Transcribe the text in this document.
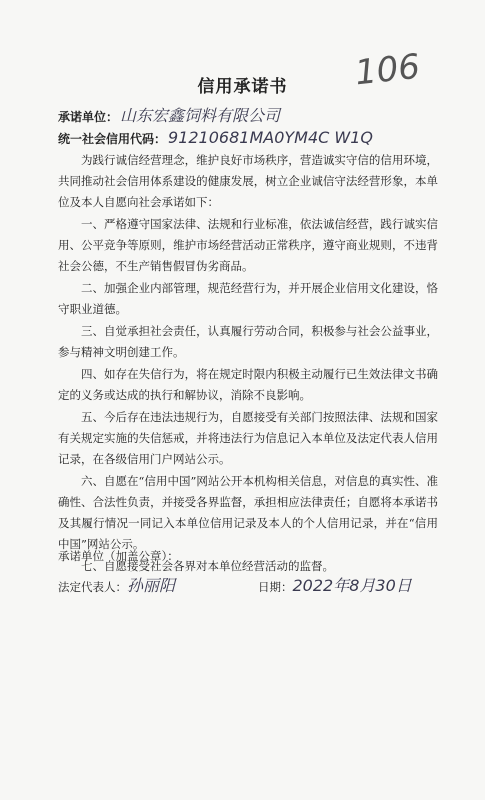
106
信用承诺书
承诺单位： 山东宏鑫饲料有限公司
统一社会信用代码： 91210681MA0YM4C W1Q

为践行诚信经营理念，维护良好市场秩序，营造诚实守信的信用环境，共同推动社会信用体系建设的健康发展，树立企业诚信守法经营形象，本单位及本人自愿向社会承诺如下：

一、严格遵守国家法律、法规和行业标准，依法诚信经营，践行诚实信用、公平竞争等原则，维护市场经营活动正常秩序，遵守商业规则，不违背社会公德，不生产销售假冒伪劣商品。

二、加强企业内部管理，规范经营行为，并开展企业信用文化建设，恪守职业道德。

三、自觉承担社会责任，认真履行劳动合同，积极参与社会公益事业，参与精神文明创建工作。

四、如存在失信行为，将在规定时限内积极主动履行已生效法律文书确定的义务或达成的执行和解协议，消除不良影响。

五、今后存在违法违规行为，自愿接受有关部门按照法律、法规和国家有关规定实施的失信惩戒，并将违法行为信息记入本单位及法定代表人信用记录，在各级信用门户网站公示。

六、自愿在“信用中国”网站公开本机构相关信息，对信息的真实性、准确性、合法性负责，并接受各界监督，承担相应法律责任；自愿将本承诺书及其履行情况一同记入本单位信用记录及本人的个人信用记录，并在“信用中国”网站公示。

七、自愿接受社会各界对本单位经营活动的监督。

承诺单位（加盖公章）：
法定代表人：孙丽阳	日期：2022年8月30日
